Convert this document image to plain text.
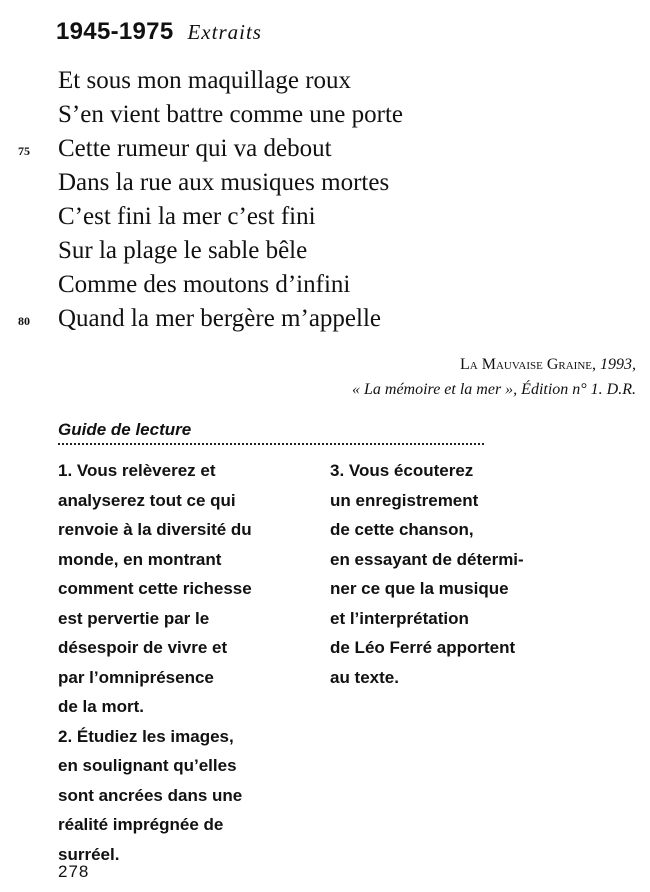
1945-1975 Extraits
Et sous mon maquillage roux
S’en vient battre comme une porte
75 Cette rumeur qui va debout
Dans la rue aux musiques mortes
C’est fini la mer c’est fini
Sur la plage le sable bêle
Comme des moutons d’infini
80 Quand la mer bergère m’appelle
La Mauvaise Graine, 1993,
« La mémoire et la mer », Édition n° 1. D.R.
Guide de lecture
1. Vous relèverez et
analyserez tout ce qui
renvoie à la diversité du
monde, en montrant
comment cette richesse
est pervertie par le
désespoir de vivre et
par l’omniprésence
de la mort.
2. Étudiez les images,
en soulignant qu’elles
sont ancrées dans une
réalité imprégnée de
surréel.
3. Vous écouterez
un enregistrement
de cette chanson,
en essayant de détermi-
ner ce que la musique
et l’interprétation
de Léo Ferré apportent
au texte.
278
